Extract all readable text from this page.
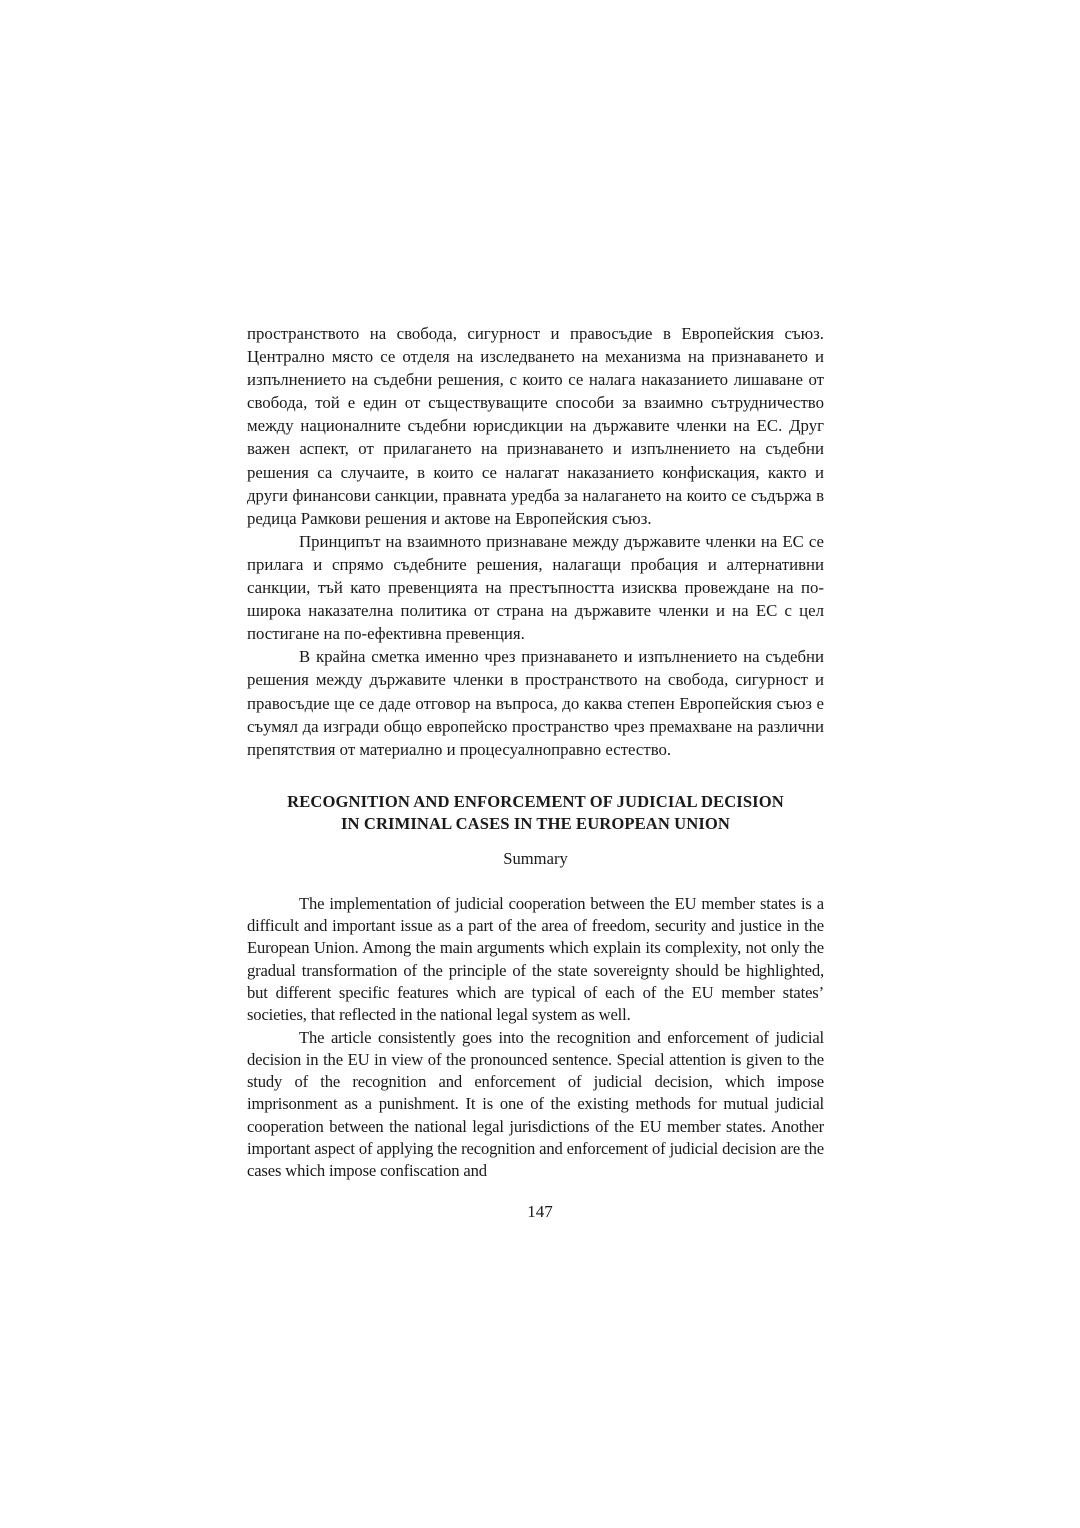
пространството на свобода, сигурност и правосъдие в Европейския съюз. Централно място се отделя на изследването на механизма на признаването и изпълнението на съдебни решения, с които се налага наказанието лишаване от свобода, той е един от съществуващите способи за взаимно сътрудничество между националните съдебни юрисдикции на държавите членки на ЕС. Друг важен аспект, от прилагането на признаването и изпълнението на съдебни решения са случаите, в които се налагат наказанието конфискация, както и други финансови санкции, правната уредба за налагането на които се съдържа в редица Рамкови решения и актове на Европейския съюз.

Принципът на взаимното признаване между държавите членки на ЕС се прилага и спрямо съдебните решения, налагащи пробация и алтернативни санкции, тъй като превенцията на престъпността изисква провеждане на по-широка наказателна политика от страна на държавите членки и на ЕС с цел постигане на по-ефективна превенция.

В крайна сметка именно чрез признаването и изпълнението на съдебни решения между държавите членки в пространството на свобода, сигурност и правосъдие ще се даде отговор на въпроса, до каква степен Европейския съюз е съумял да изгради общо европейско пространство чрез премахване на различни препятствия от материално и процесуалноправно естество.

RECOGNITION AND ENFORCEMENT OF JUDICIAL DECISION
IN CRIMINAL CASES IN THE EUROPEAN UNION
Summary

The implementation of judicial cooperation between the EU member states is a difficult and important issue as a part of the area of freedom, security and justice in the European Union. Among the main arguments which explain its complexity, not only the gradual transformation of the principle of the state sovereignty should be highlighted, but different specific features which are typical of each of the EU member states’ societies, that reflected in the national legal system as well.

The article consistently goes into the recognition and enforcement of judicial decision in the EU in view of the pronounced sentence. Special attention is given to the study of the recognition and enforcement of judicial decision, which impose imprisonment as a punishment. It is one of the existing methods for mutual judicial cooperation between the national legal jurisdictions of the EU member states. Another important aspect of applying the recognition and enforcement of judicial decision are the cases which impose confiscation and

147
